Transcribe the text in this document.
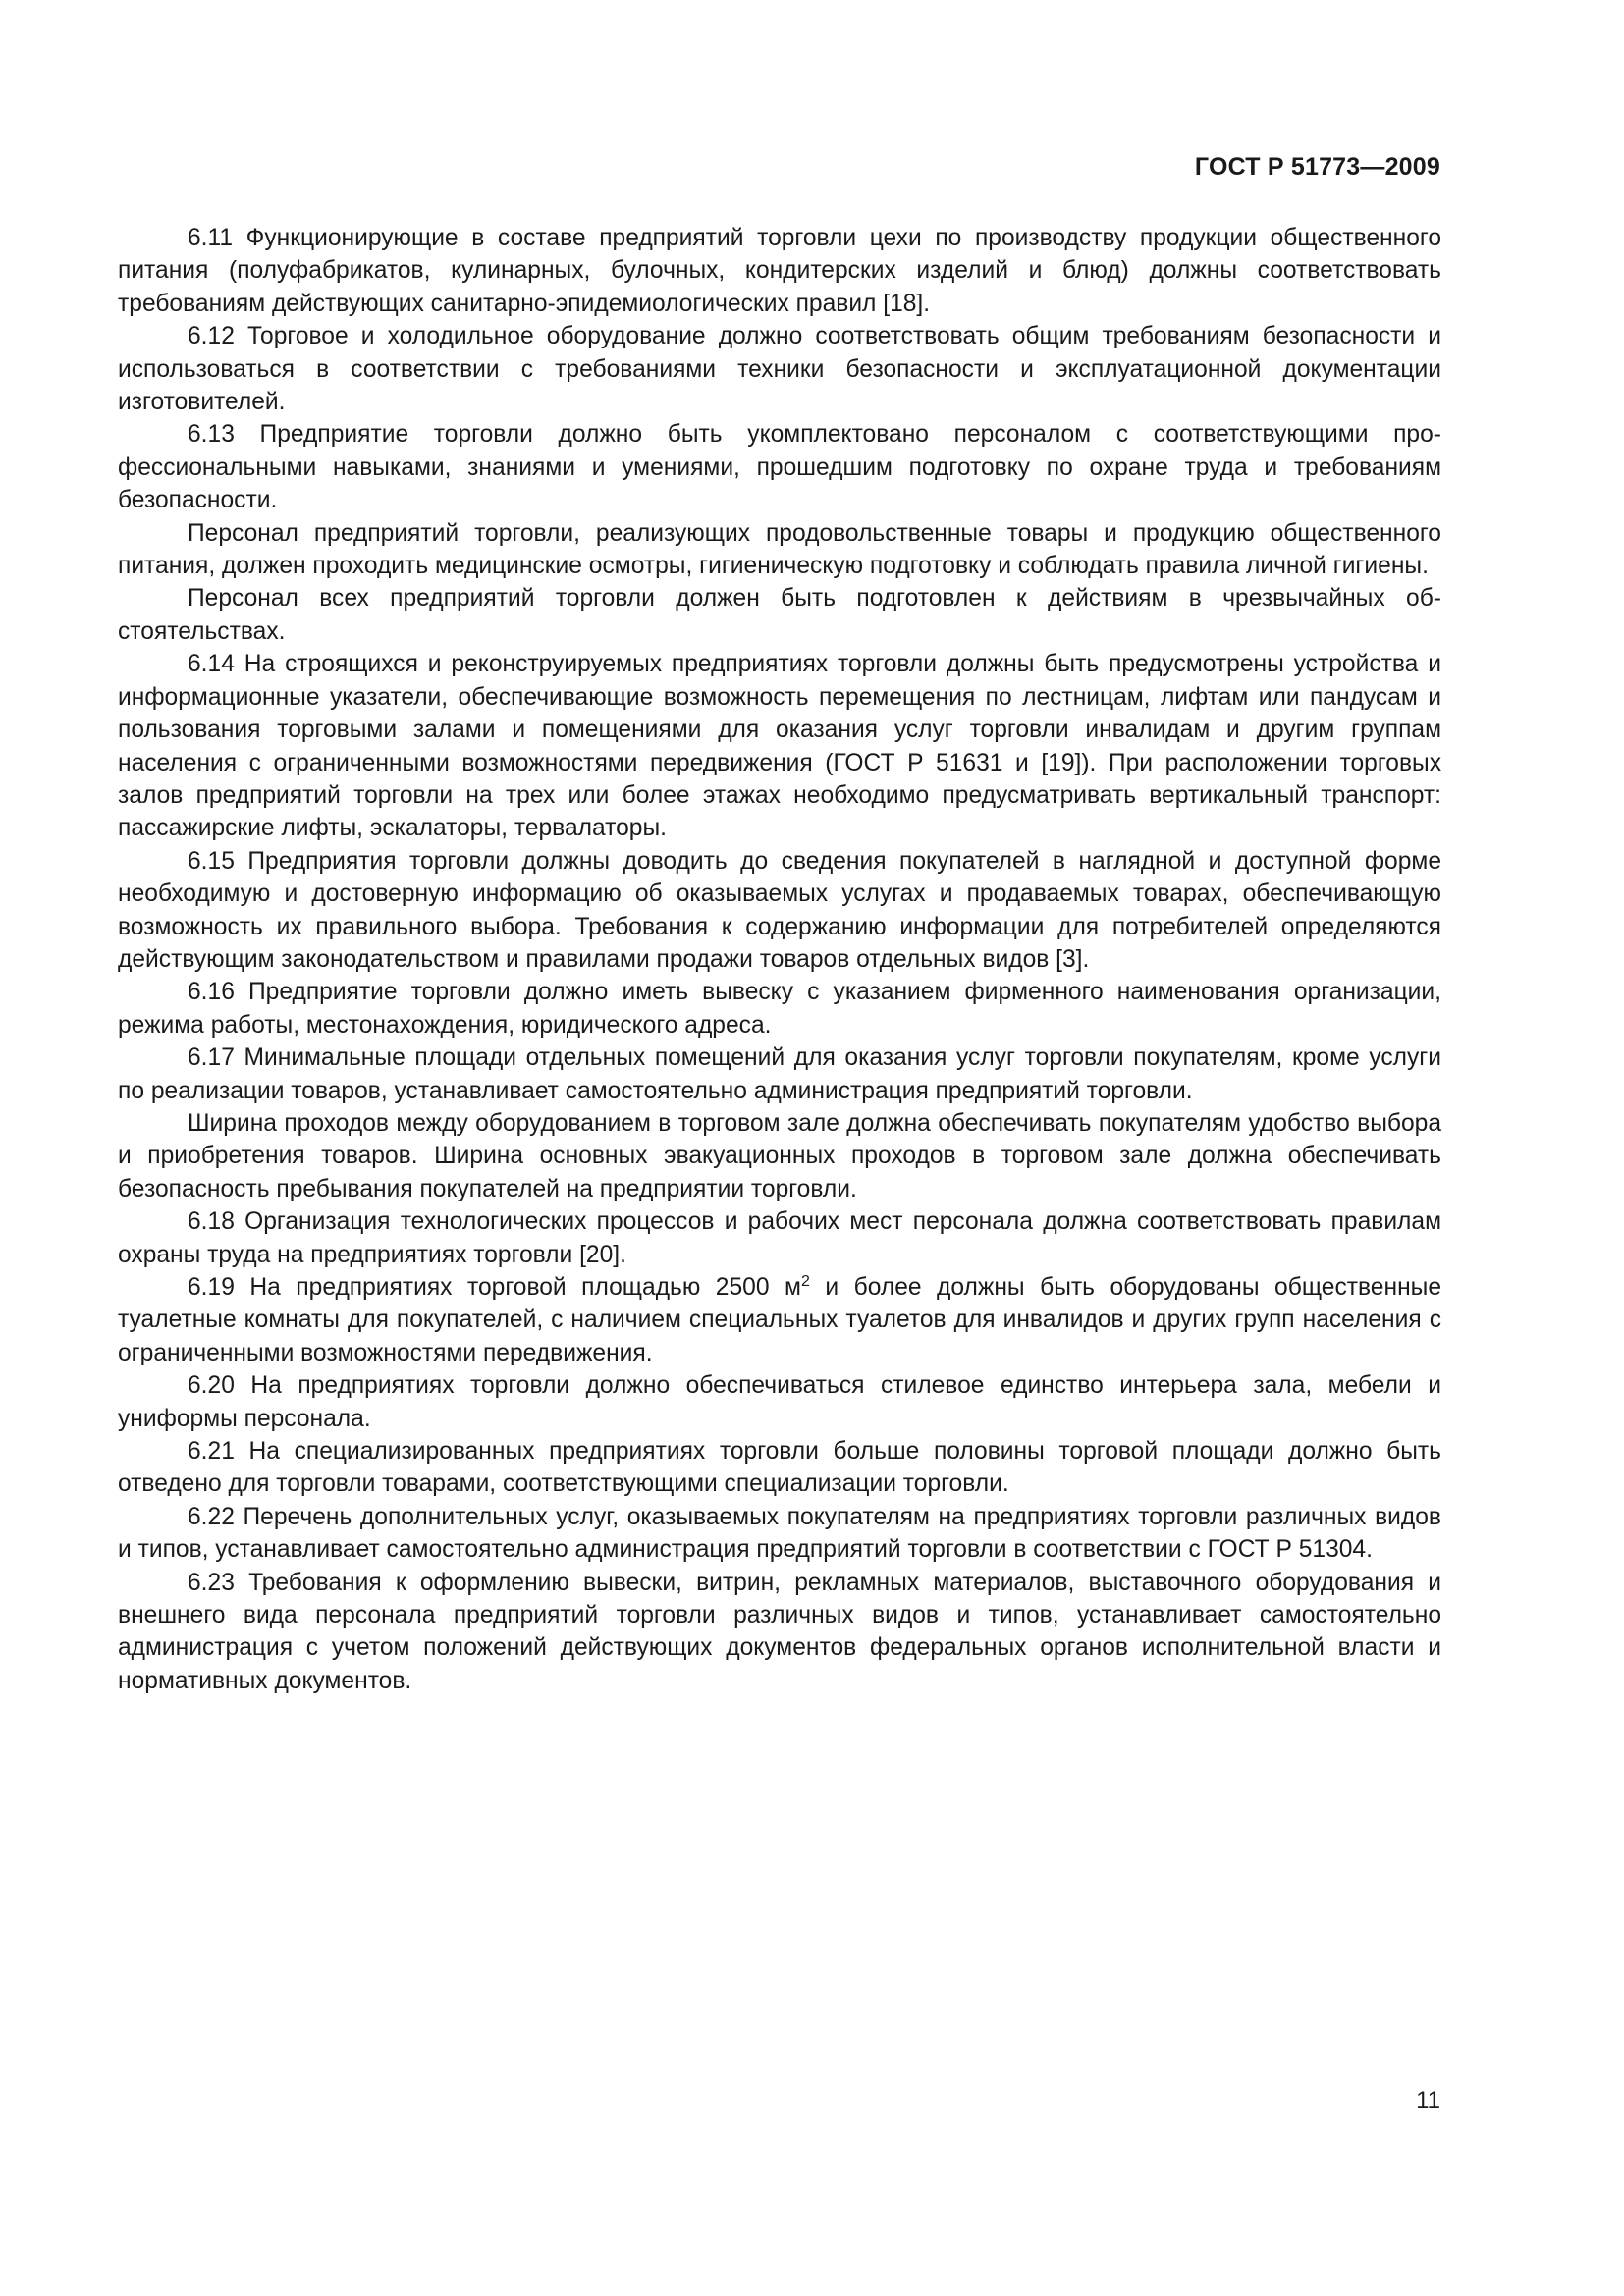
ГОСТ Р 51773—2009

6.11 Функционирующие в составе предприятий торговли цехи по производству продукции общественного питания (полуфабрикатов, кулинарных, булочных, кондитерских изделий и блюд) должны соответствовать требованиям действующих санитарно-эпидемиологических правил [18].

6.12 Торговое и холодильное оборудование должно соответствовать общим требованиям безопасности и использоваться в соответствии с требованиями техники безопасности и эксплуатационной документации изготовителей.

6.13 Предприятие торговли должно быть укомплектовано персоналом с соответствующими профессиональными навыками, знаниями и умениями, прошедшим подготовку по охране труда и требованиям безопасности.

Персонал предприятий торговли, реализующих продовольственные товары и продукцию общественного питания, должен проходить медицинские осмотры, гигиеническую подготовку и соблюдать правила личной гигиены.

Персонал всех предприятий торговли должен быть подготовлен к действиям в чрезвычайных обстоятельствах.

6.14 На строящихся и реконструируемых предприятиях торговли должны быть предусмотрены устройства и информационные указатели, обеспечивающие возможность перемещения по лестницам, лифтам или пандусам и пользования торговыми залами и помещениями для оказания услуг торговли инвалидам и другим группам населения с ограниченными возможностями передвижения (ГОСТ Р 51631 и [19]). При расположении торговых залов предприятий торговли на трех или более этажах необходимо предусматривать вертикальный транспорт: пассажирские лифты, эскалаторы, тервалаторы.

6.15 Предприятия торговли должны доводить до сведения покупателей в наглядной и доступной форме необходимую и достоверную информацию об оказываемых услугах и продаваемых товарах, обеспечивающую возможность их правильного выбора. Требования к содержанию информации для потребителей определяются действующим законодательством и правилами продажи товаров отдельных видов [3].

6.16 Предприятие торговли должно иметь вывеску с указанием фирменного наименования организации, режима работы, местонахождения, юридического адреса.

6.17 Минимальные площади отдельных помещений для оказания услуг торговли покупателям, кроме услуги по реализации товаров, устанавливает самостоятельно администрация предприятий торговли.

Ширина проходов между оборудованием в торговом зале должна обеспечивать покупателям удобство выбора и приобретения товаров. Ширина основных эвакуационных проходов в торговом зале должна обеспечивать безопасность пребывания покупателей на предприятии торговли.

6.18 Организация технологических процессов и рабочих мест персонала должна соответствовать правилам охраны труда на предприятиях торговли [20].

6.19 На предприятиях торговой площадью 2500 $м^2$ и более должны быть оборудованы общественные туалетные комнаты для покупателей, с наличием специальных туалетов для инвалидов и других групп населения с ограниченными возможностями передвижения.

6.20 На предприятиях торговли должно обеспечиваться стилевое единство интерьера зала, мебели и униформы персонала.

6.21 На специализированных предприятиях торговли больше половины торговой площади должно быть отведено для торговли товарами, соответствующими специализации торговли.

6.22 Перечень дополнительных услуг, оказываемых покупателям на предприятиях торговли различных видов и типов, устанавливает самостоятельно администрация предприятий торговли в соответствии с ГОСТ Р 51304.

6.23 Требования к оформлению вывески, витрин, рекламных материалов, выставочного оборудования и внешнего вида персонала предприятий торговли различных видов и типов, устанавливает самостоятельно администрация с учетом положений действующих документов федеральных органов исполнительной власти и нормативных документов.

11
